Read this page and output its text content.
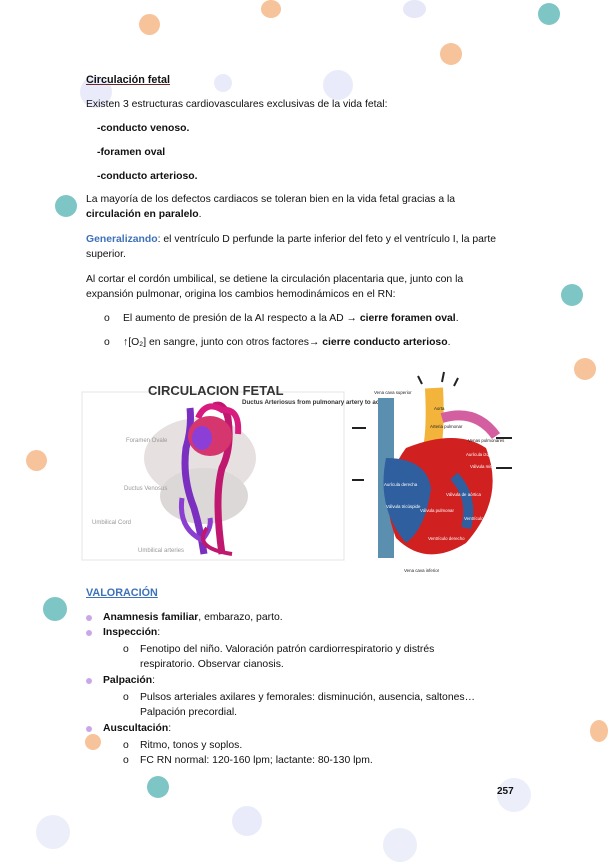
Circulación fetal

Existen 3 estructuras cardiovasculares exclusivas de la vida fetal:

-conducto venoso.

-foramen oval

-conducto arterioso.

La mayoría de los defectos cardiacos se toleran bien en la vida fetal gracias a la circulación en paralelo.

Generalizando: el ventrículo D perfunde la parte inferior del feto y el ventrículo I, la parte superior.

Al cortar el cordón umbilical, se detiene la circulación placentaria que, junto con la expansión pulmonar, origina los cambios hemodinámicos en el RN:

o El aumento de presión de la AI respecto a la AD → cierre foramen oval.

o ↑[O₂] en sangre, junto con otros factores→ cierre conducto arterioso.

CIRCULACION FETAL
Ductus Arteriosus from pulmonary artery to aorta
Foramen Ovale
Ductus Venosus
Umbilical Cord
Umbilical arteries
Vena cava superior
Aorta
Arteria pulmonar
Venas pulmonares
Aurícula izquierda
Válvula mitral
Aurícula derecha
Válvula tricúspide
Válvula de aórtica
Válvula pulmonar
Ventrículo izquierdo
Ventrículo derecho
Vena cava inferior

VALORACIÓN

Anamnesis familiar, embarazo, parto.

Inspección:

o Fenotipo del niño. Valoración patrón cardiorrespiratorio y distrés respiratorio. Observar cianosis.

Palpación:

o Pulsos arteriales axilares y femorales: disminución, ausencia, saltones… Palpación precordial.

Auscultación:

o Ritmo, tonos y soplos.

o FC RN normal: 120-160 lpm; lactante: 80-130 lpm.

257
